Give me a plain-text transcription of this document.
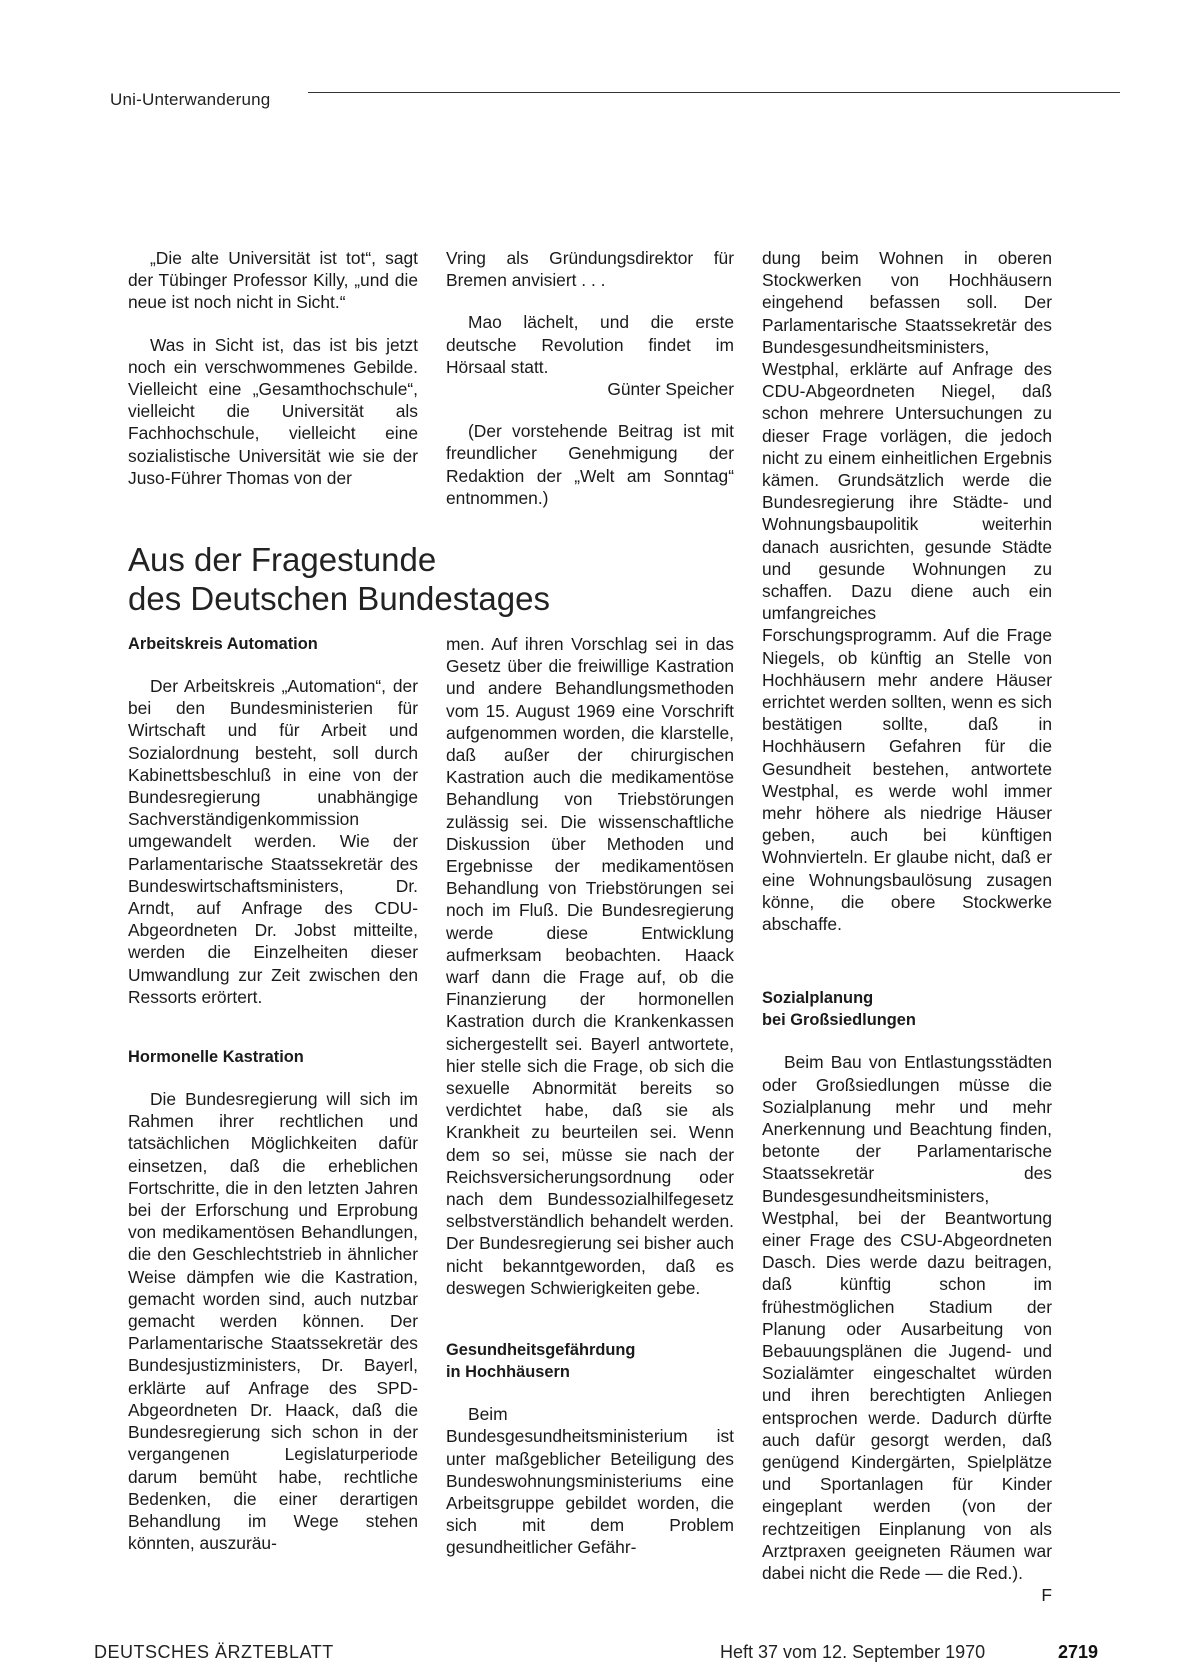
Uni-Unterwanderung

„Die alte Universität ist tot“, sagt der Tübinger Professor Killy, „und die neue ist noch nicht in Sicht.“

Was in Sicht ist, das ist bis jetzt noch ein verschwommenes Gebilde. Vielleicht eine „Gesamthochschule“, vielleicht die Universität als Fachhochschule, vielleicht eine sozialistische Universität wie sie der Juso-Führer Thomas von der

Vring als Gründungsdirektor für Bremen anvisiert . . .

Mao lächelt, und die erste deutsche Revolution findet im Hörsaal statt.

Günter Speicher

(Der vorstehende Beitrag ist mit freundlicher Genehmigung der Redaktion der „Welt am Sonntag“ entnommen.)

Aus der Fragestunde
des Deutschen Bundestages
Arbeitskreis Automation

Der Arbeitskreis „Automation“, der bei den Bundesministerien für Wirtschaft und für Arbeit und Sozialordnung besteht, soll durch Kabinettsbeschluß in eine von der Bundesregierung unabhängige Sachverständigenkommission umgewandelt werden. Wie der Parlamentarische Staatssekretär des Bundeswirtschaftsministers, Dr. Arndt, auf Anfrage des CDU-Abgeordneten Dr. Jobst mitteilte, werden die Einzelheiten dieser Umwandlung zur Zeit zwischen den Ressorts erörtert.

Hormonelle Kastration

Die Bundesregierung will sich im Rahmen ihrer rechtlichen und tatsächlichen Möglichkeiten dafür einsetzen, daß die erheblichen Fortschritte, die in den letzten Jahren bei der Erforschung und Erprobung von medikamentösen Behandlungen, die den Geschlechtstrieb in ähnlicher Weise dämpfen wie die Kastration, gemacht worden sind, auch nutzbar gemacht werden können. Der Parlamentarische Staatssekretär des Bundesjustizministers, Dr. Bayerl, erklärte auf Anfrage des SPD-Abgeordneten Dr. Haack, daß die Bundesregierung sich schon in der vergangenen Legislaturperiode darum bemüht habe, rechtliche Bedenken, die einer derartigen Behandlung im Wege stehen könnten, auszuräu-

men. Auf ihren Vorschlag sei in das Gesetz über die freiwillige Kastration und andere Behandlungsmethoden vom 15. August 1969 eine Vorschrift aufgenommen worden, die klarstelle, daß außer der chirurgischen Kastration auch die medikamentöse Behandlung von Triebstörungen zulässig sei. Die wissenschaftliche Diskussion über Methoden und Ergebnisse der medikamentösen Behandlung von Triebstörungen sei noch im Fluß. Die Bundesregierung werde diese Entwicklung aufmerksam beobachten. Haack warf dann die Frage auf, ob die Finanzierung der hormonellen Kastration durch die Krankenkassen sichergestellt sei. Bayerl antwortete, hier stelle sich die Frage, ob sich die sexuelle Abnormität bereits so verdichtet habe, daß sie als Krankheit zu beurteilen sei. Wenn dem so sei, müsse sie nach der Reichsversicherungsordnung oder nach dem Bundessozialhilfegesetz selbstverständlich behandelt werden. Der Bundesregierung sei bisher auch nicht bekanntgeworden, daß es deswegen Schwierigkeiten gebe.

Gesundheitsgefährdung
in Hochhäusern

Beim Bundesgesundheitsministerium ist unter maßgeblicher Beteiligung des Bundeswohnungsministeriums eine Arbeitsgruppe gebildet worden, die sich mit dem Problem gesundheitlicher Gefähr-

dung beim Wohnen in oberen Stockwerken von Hochhäusern eingehend befassen soll. Der Parlamentarische Staatssekretär des Bundesgesundheitsministers, Westphal, erklärte auf Anfrage des CDU-Abgeordneten Niegel, daß schon mehrere Untersuchungen zu dieser Frage vorlägen, die jedoch nicht zu einem einheitlichen Ergebnis kämen. Grundsätzlich werde die Bundesregierung ihre Städte- und Wohnungsbaupolitik weiterhin danach ausrichten, gesunde Städte und gesunde Wohnungen zu schaffen. Dazu diene auch ein umfangreiches Forschungsprogramm. Auf die Frage Niegels, ob künftig an Stelle von Hochhäusern mehr andere Häuser errichtet werden sollten, wenn es sich bestätigen sollte, daß in Hochhäusern Gefahren für die Gesundheit bestehen, antwortete Westphal, es werde wohl immer mehr höhere als niedrige Häuser geben, auch bei künftigen Wohnvierteln. Er glaube nicht, daß er eine Wohnungsbaulösung zusagen könne, die obere Stockwerke abschaffe.

Sozialplanung
bei Großsiedlungen

Beim Bau von Entlastungsstädten oder Großsiedlungen müsse die Sozialplanung mehr und mehr Anerkennung und Beachtung finden, betonte der Parlamentarische Staatssekretär des Bundesgesundheitsministers, Westphal, bei der Beantwortung einer Frage des CSU-Abgeordneten Dasch. Dies werde dazu beitragen, daß künftig schon im frühestmöglichen Stadium der Planung oder Ausarbeitung von Bebauungsplänen die Jugend- und Sozialämter eingeschaltet würden und ihren berechtigten Anliegen entsprochen werde. Dadurch dürfte auch dafür gesorgt werden, daß genügend Kindergärten, Spielplätze und Sportanlagen für Kinder eingeplant werden (von der rechtzeitigen Einplanung von als Arztpraxen geeigneten Räumen war dabei nicht die Rede — die Red.).

F

DEUTSCHES ÄRZTEBLATT	Heft 37 vom 12. September 1970	2719
